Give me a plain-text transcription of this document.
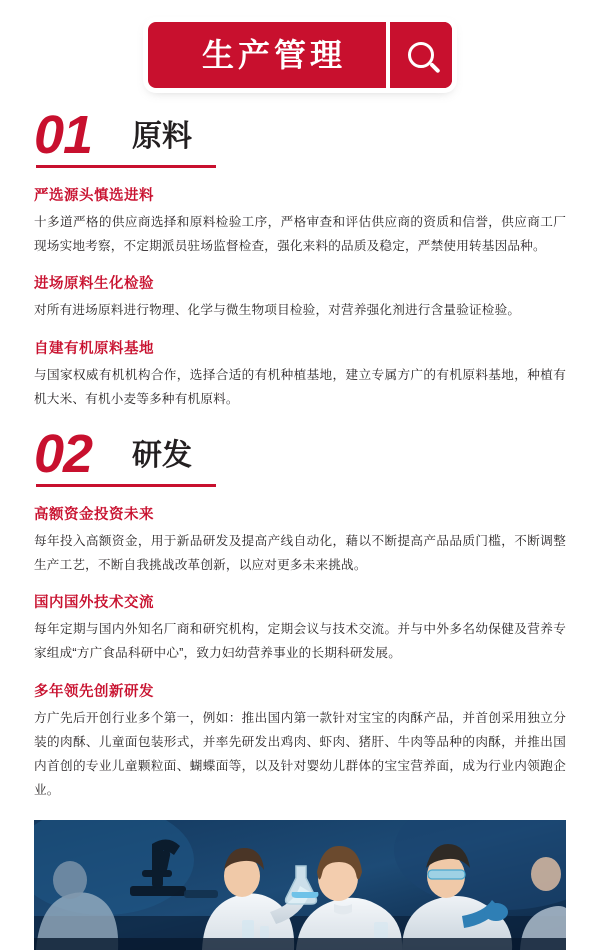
生产管理
01 原料
严选源头慎选进料
十多道严格的供应商选择和原料检验工序，严格审查和评估供应商的资质和信誉，供应商工厂现场实地考察，不定期派员驻场监督检查，强化来料的品质及稳定，严禁使用转基因品种。
进场原料生化检验
对所有进场原料进行物理、化学与微生物项目检验，对营养强化剂进行含量验证检验。
自建有机原料基地
与国家权威有机机构合作，选择合适的有机种植基地，建立专属方广的有机原料基地，种植有机大米、有机小麦等多种有机原料。
02 研发
高额资金投资未来
每年投入高额资金，用于新品研发及提高产线自动化，藉以不断提高产品品质门槛，不断调整生产工艺，不断自我挑战改革创新，以应对更多未来挑战。
国内国外技术交流
每年定期与国内外知名厂商和研究机构，定期会议与技术交流。并与中外多名幼保健及营养专家组成“方广食品科研中心”，致力妇幼营养事业的长期科研发展。
多年领先创新研发
方广先后开创行业多个第一，例如：推出国内第一款针对宝宝的肉酥产品，并首创采用独立分装的肉酥、儿童面包装形式，并率先研发出鸡肉、虾肉、猪肝、牛肉等品种的肉酥，并推出国内首创的专业儿童颗粒面、蝴蝶面等，以及针对婴幼儿群体的宝宝营养面，成为行业内领跑企业。
